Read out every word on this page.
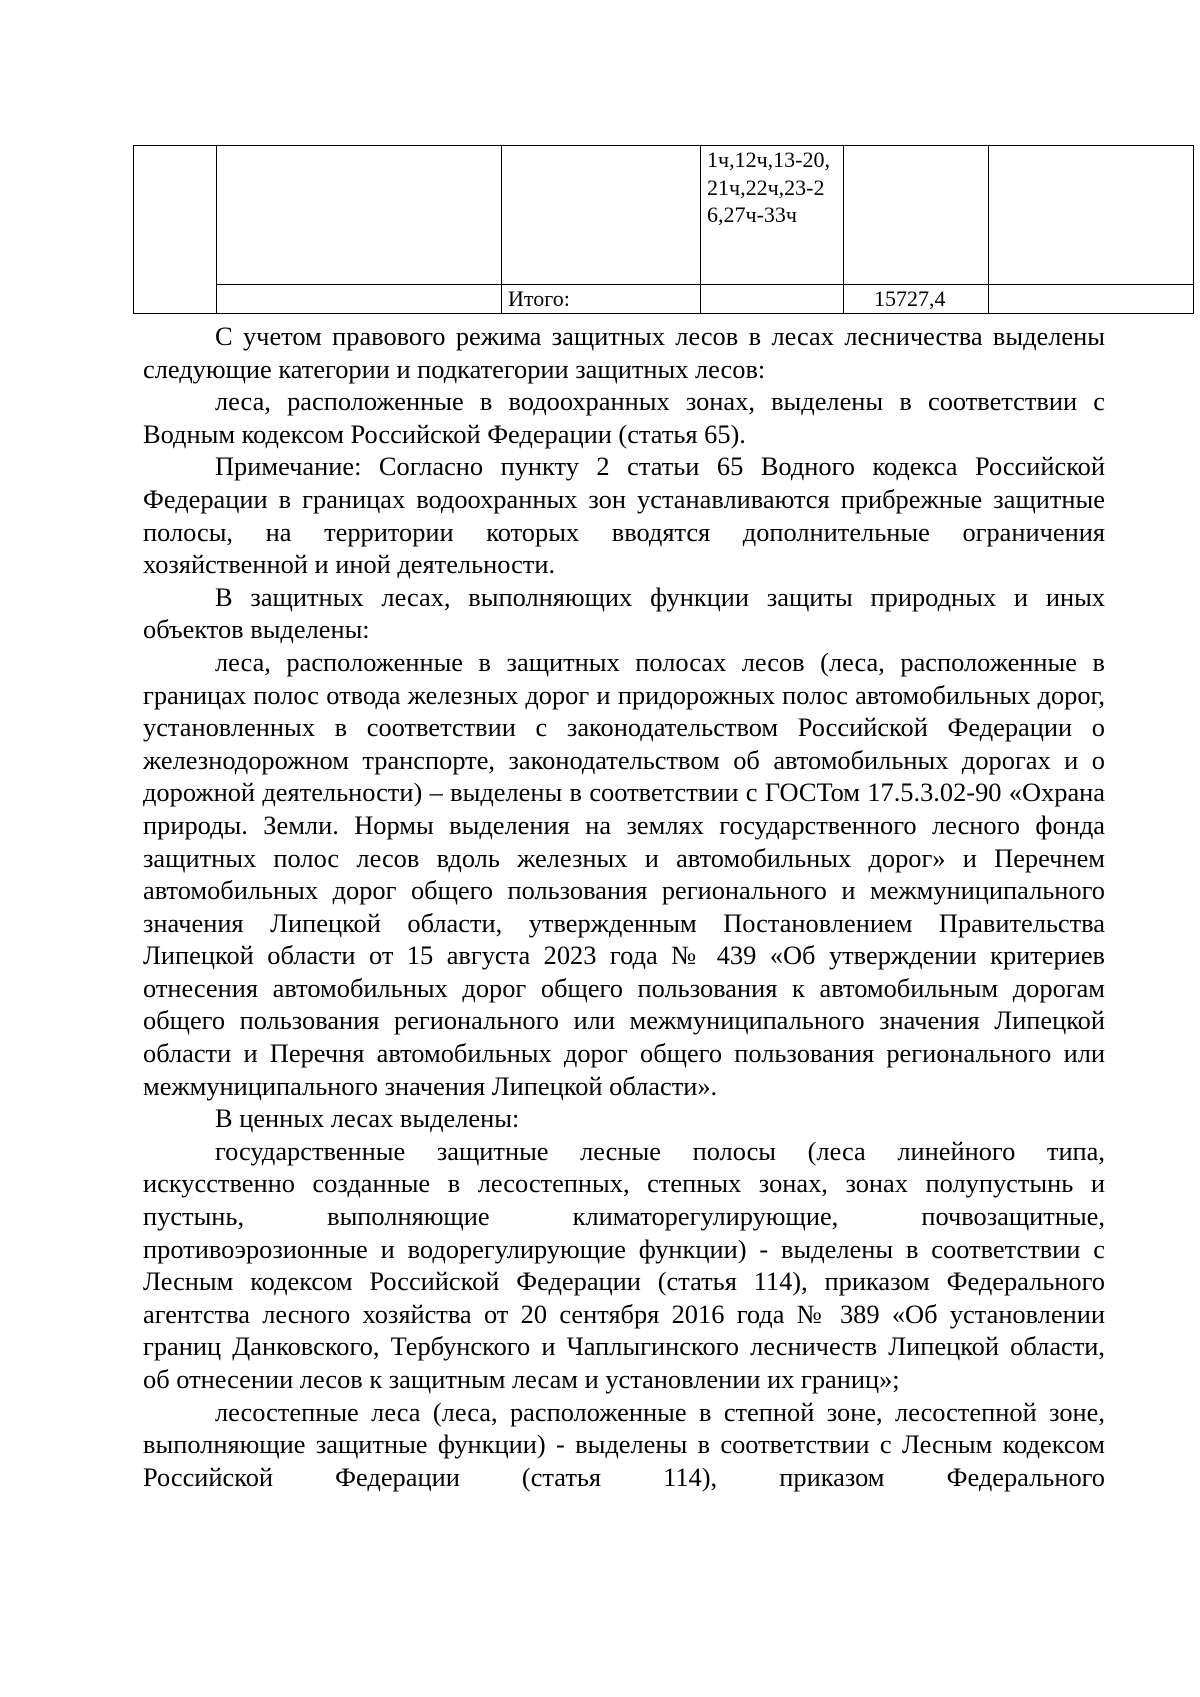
			1ч,12ч,13-20,21ч,22ч,23-26,27ч-33ч		

		Итого:		15727,4	

С учетом правового режима защитных лесов в лесах лесничества выделены следующие категории и подкатегории защитных лесов:

леса, расположенные в водоохранных зонах, выделены в соответствии с Водным кодексом Российской Федерации (статья 65).

Примечание: Согласно пункту 2 статьи 65 Водного кодекса Российской Федерации в границах водоохранных зон устанавливаются прибрежные защитные полосы, на территории которых вводятся дополнительные ограничения хозяйственной и иной деятельности.

В защитных лесах, выполняющих функции защиты природных и иных объектов выделены:

леса, расположенные в защитных полосах лесов (леса, расположенные в границах полос отвода железных дорог и придорожных полос автомобильных дорог, установленных в соответствии с законодательством Российской Федерации о железнодорожном транспорте, законодательством об автомобильных дорогах и о дорожной деятельности) – выделены в соответствии с ГОСТом 17.5.3.02-90 «Охрана природы. Земли. Нормы выделения на землях государственного лесного фонда защитных полос лесов вдоль железных и автомобильных дорог» и Перечнем автомобильных дорог общего пользования регионального и межмуниципального значения Липецкой области, утвержденным Постановлением Правительства Липецкой области от 15 августа 2023 года № 439 «Об утверждении критериев отнесения автомобильных дорог общего пользования к автомобильным дорогам общего пользования регионального или межмуниципального значения Липецкой области и Перечня автомобильных дорог общего пользования регионального или межмуниципального значения Липецкой области».

В ценных лесах выделены:

государственные защитные лесные полосы (леса линейного типа, искусственно созданные в лесостепных, степных зонах, зонах полупустынь и пустынь, выполняющие климаторегулирующие, почвозащитные, противоэрозионные и водорегулирующие функции) - выделены в соответствии с Лесным кодексом Российской Федерации (статья 114), приказом Федерального агентства лесного хозяйства от 20 сентября 2016 года № 389 «Об установлении границ Данковского, Тербунского и Чаплыгинского лесничеств Липецкой области, об отнесении лесов к защитным лесам и установлении их границ»;

лесостепные леса (леса, расположенные в степной зоне, лесостепной зоне, выполняющие защитные функции) - выделены в соответствии с Лесным кодексом Российской Федерации (статья 114), приказом Федерального
